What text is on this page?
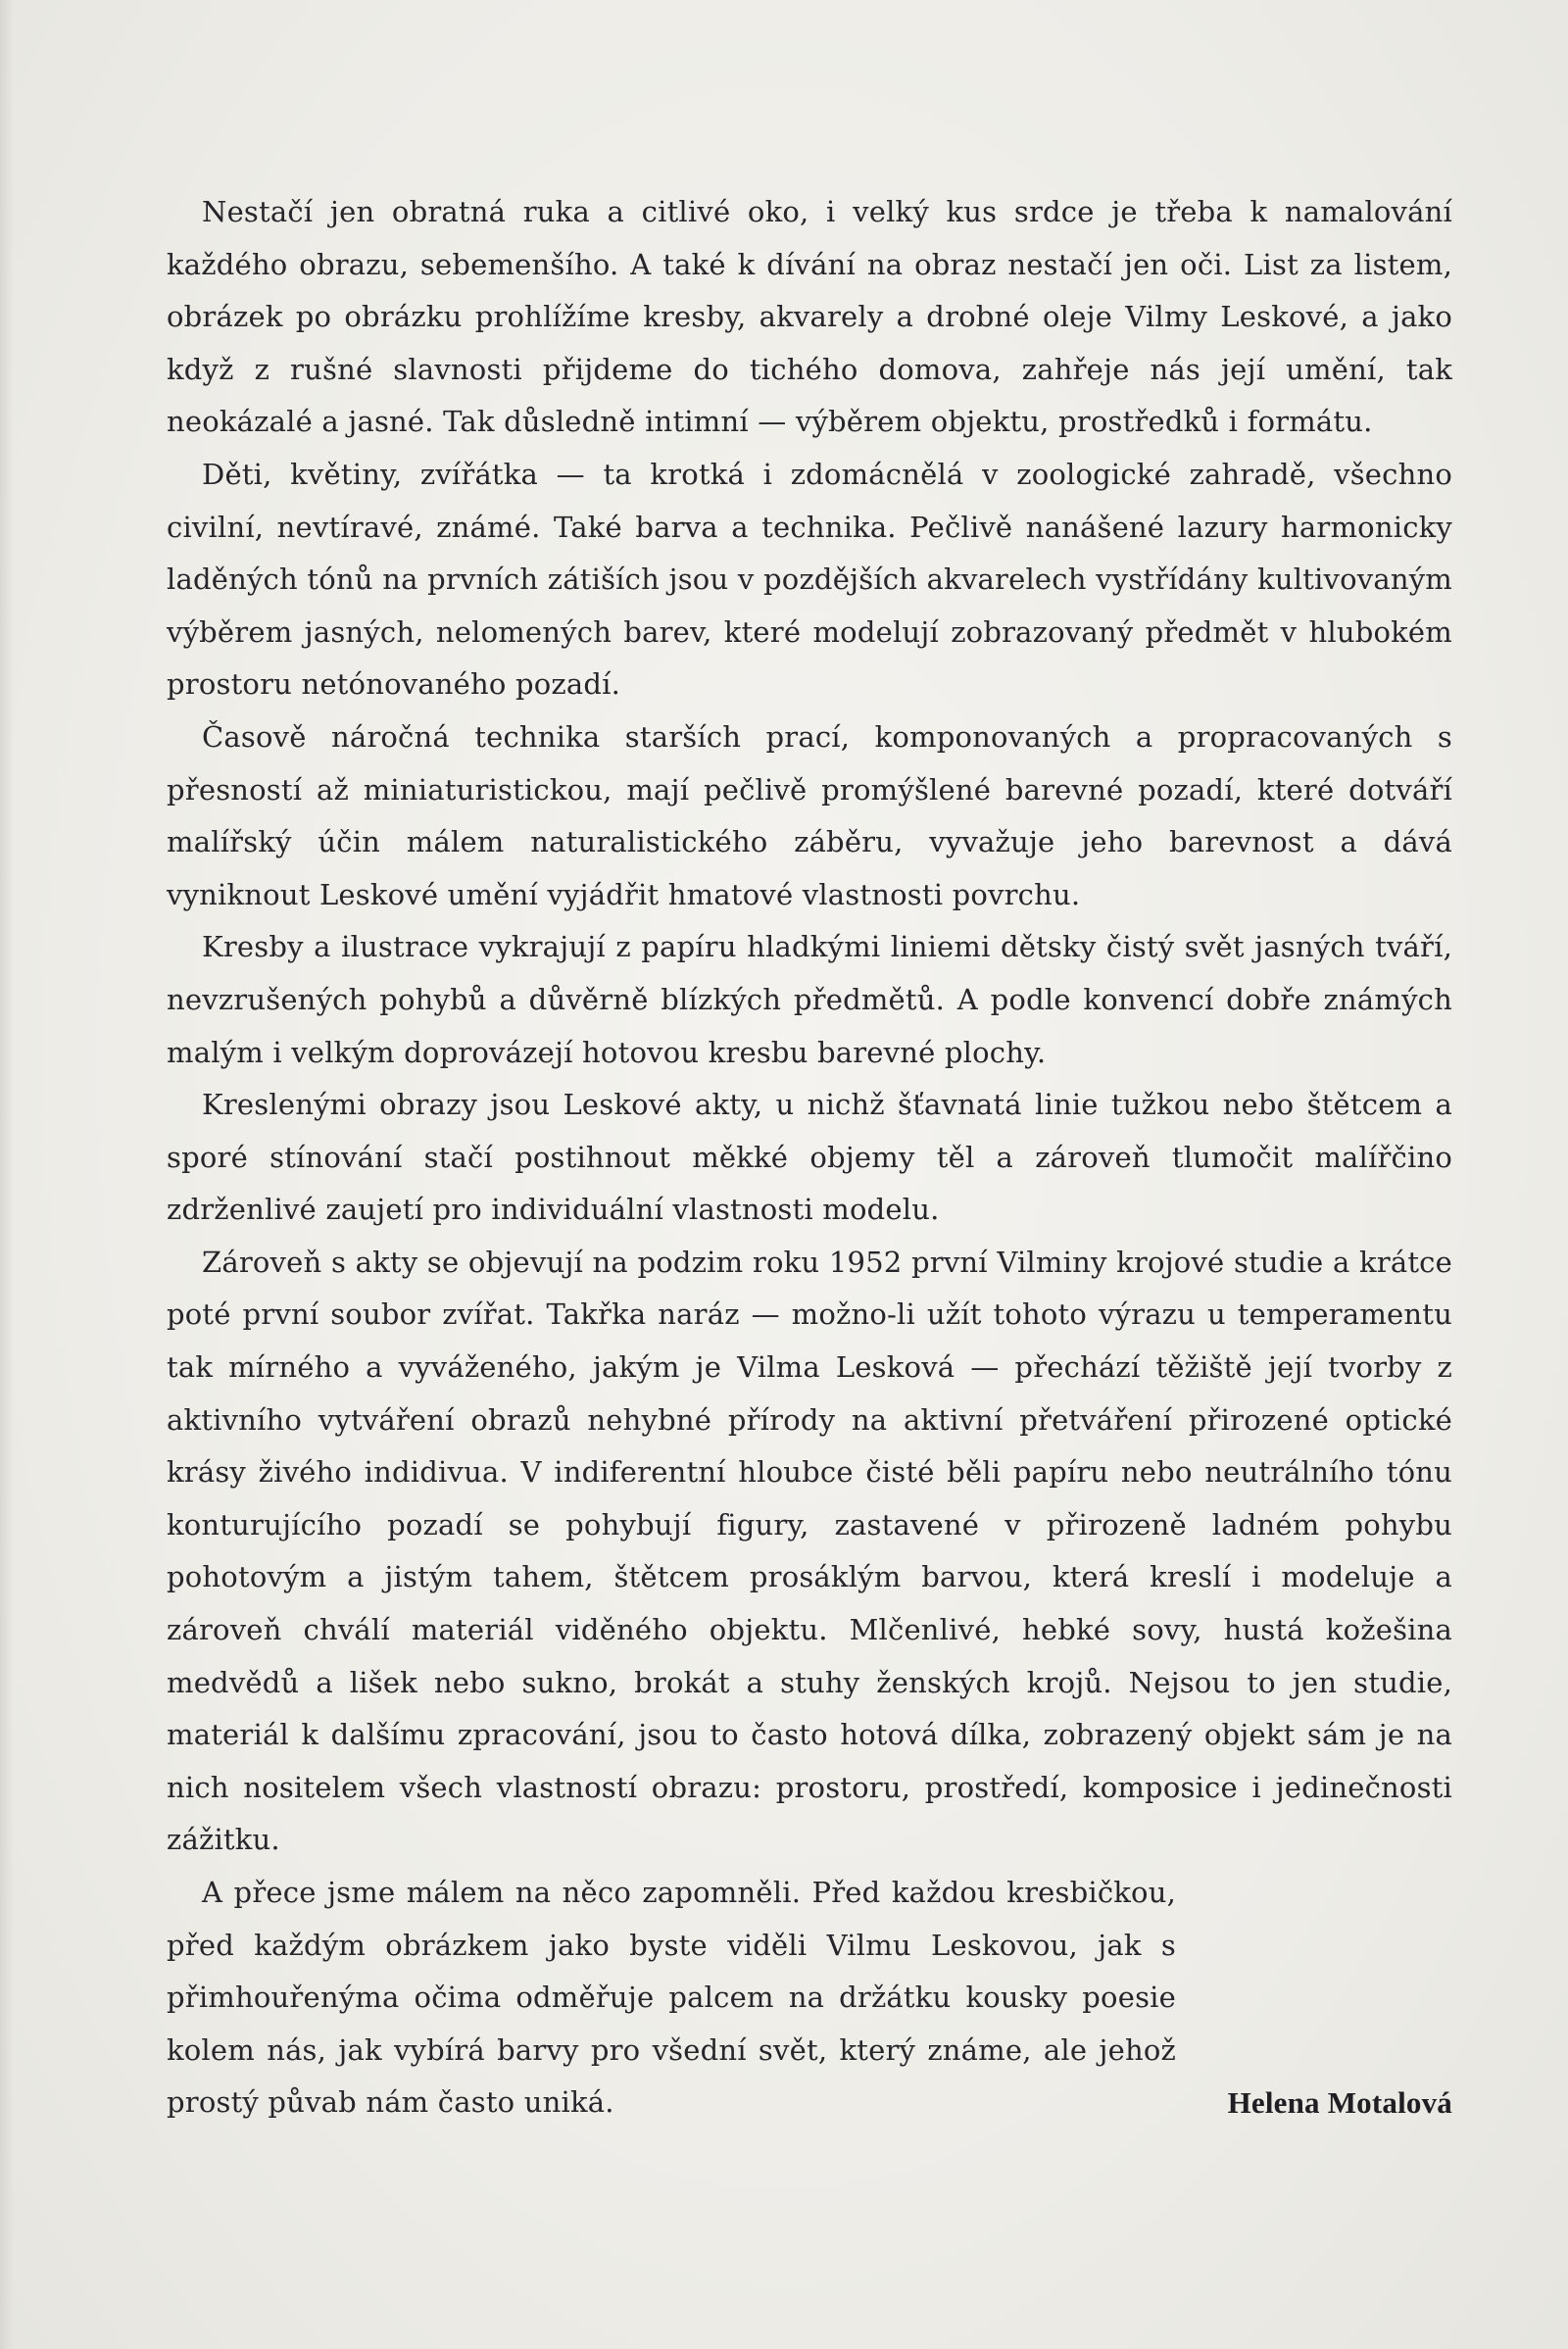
Nestačí jen obratná ruka a citlivé oko, i velký kus srdce je třeba k namalování každého obrazu, sebemenšího. A také k dívání na obraz nestačí jen oči. List za listem, obrázek po obrázku prohlížíme kresby, akvarely a drobné oleje Vilmy Leskové, a jako když z rušné slavnosti přijdeme do tichého domova, zahřeje nás její umění, tak neokázalé a jasné. Tak důsledně intimní — výběrem objektu, prostředků i formátu.

Děti, květiny, zvířátka — ta krotká i zdomácnělá v zoologické zahradě, všechno civilní, nevtíravé, známé. Také barva a technika. Pečlivě nanášené lazury harmonicky laděných tónů na prvních zátiších jsou v pozdějších akvarelech vystřídány kultivovaným výběrem jasných, nelomených barev, které modelují zobrazovaný předmět v hlubokém prostoru netónovaného pozadí.

Časově náročná technika starších prací, komponovaných a propracovaných s přesností až miniaturistickou, mají pečlivě promýšlené barevné pozadí, které dotváří malířský účin málem naturalistického záběru, vyvažuje jeho barevnost a dává vyniknout Leskové umění vyjádřit hmatové vlastnosti povrchu.

Kresby a ilustrace vykrajují z papíru hladkými liniemi dětsky čistý svět jasných tváří, nevzrušených pohybů a důvěrně blízkých předmětů. A podle konvencí dobře známých malým i velkým doprovázejí hotovou kresbu barevné plochy.

Kreslenými obrazy jsou Leskové akty, u nichž šťavnatá linie tužkou nebo štětcem a sporé stínování stačí postihnout měkké objemy těl a zároveň tlumočit malířčino zdrženlivé zaujetí pro individuální vlastnosti modelu.

Zároveň s akty se objevují na podzim roku 1952 první Vilminy krojové studie a krátce poté první soubor zvířat. Takřka naráz — možno-li užít tohoto výrazu u temperamentu tak mírného a vyváženého, jakým je Vilma Lesková — přechází těžiště její tvorby z aktivního vytváření obrazů nehybné přírody na aktivní přetváření přirozené optické krásy živého indidivua. V indiferentní hloubce čisté běli papíru nebo neutrálního tónu konturujícího pozadí se pohybují figury, zastavené v přirozeně ladném pohybu pohotovým a jistým tahem, štětcem prosáklým barvou, která kreslí i modeluje a zároveň chválí materiál viděného objektu. Mlčenlivé, hebké sovy, hustá kožešina medvědů a lišek nebo sukno, brokát a stuhy ženských krojů. Nejsou to jen studie, materiál k dalšímu zpracování, jsou to často hotová dílka, zobrazený objekt sám je na nich nositelem všech vlastností obrazu: prostoru, prostředí, komposice i jedinečnosti zážitku.

A přece jsme málem na něco zapomněli. Před každou kresbičkou, před každým obrázkem jako byste viděli Vilmu Leskovou, jak s přimhouřenýma očima odměřuje palcem na držátku kousky poesie kolem nás, jak vybírá barvy pro všední svět, který známe, ale jehož prostý půvab nám často uniká.	Helena Motalová
